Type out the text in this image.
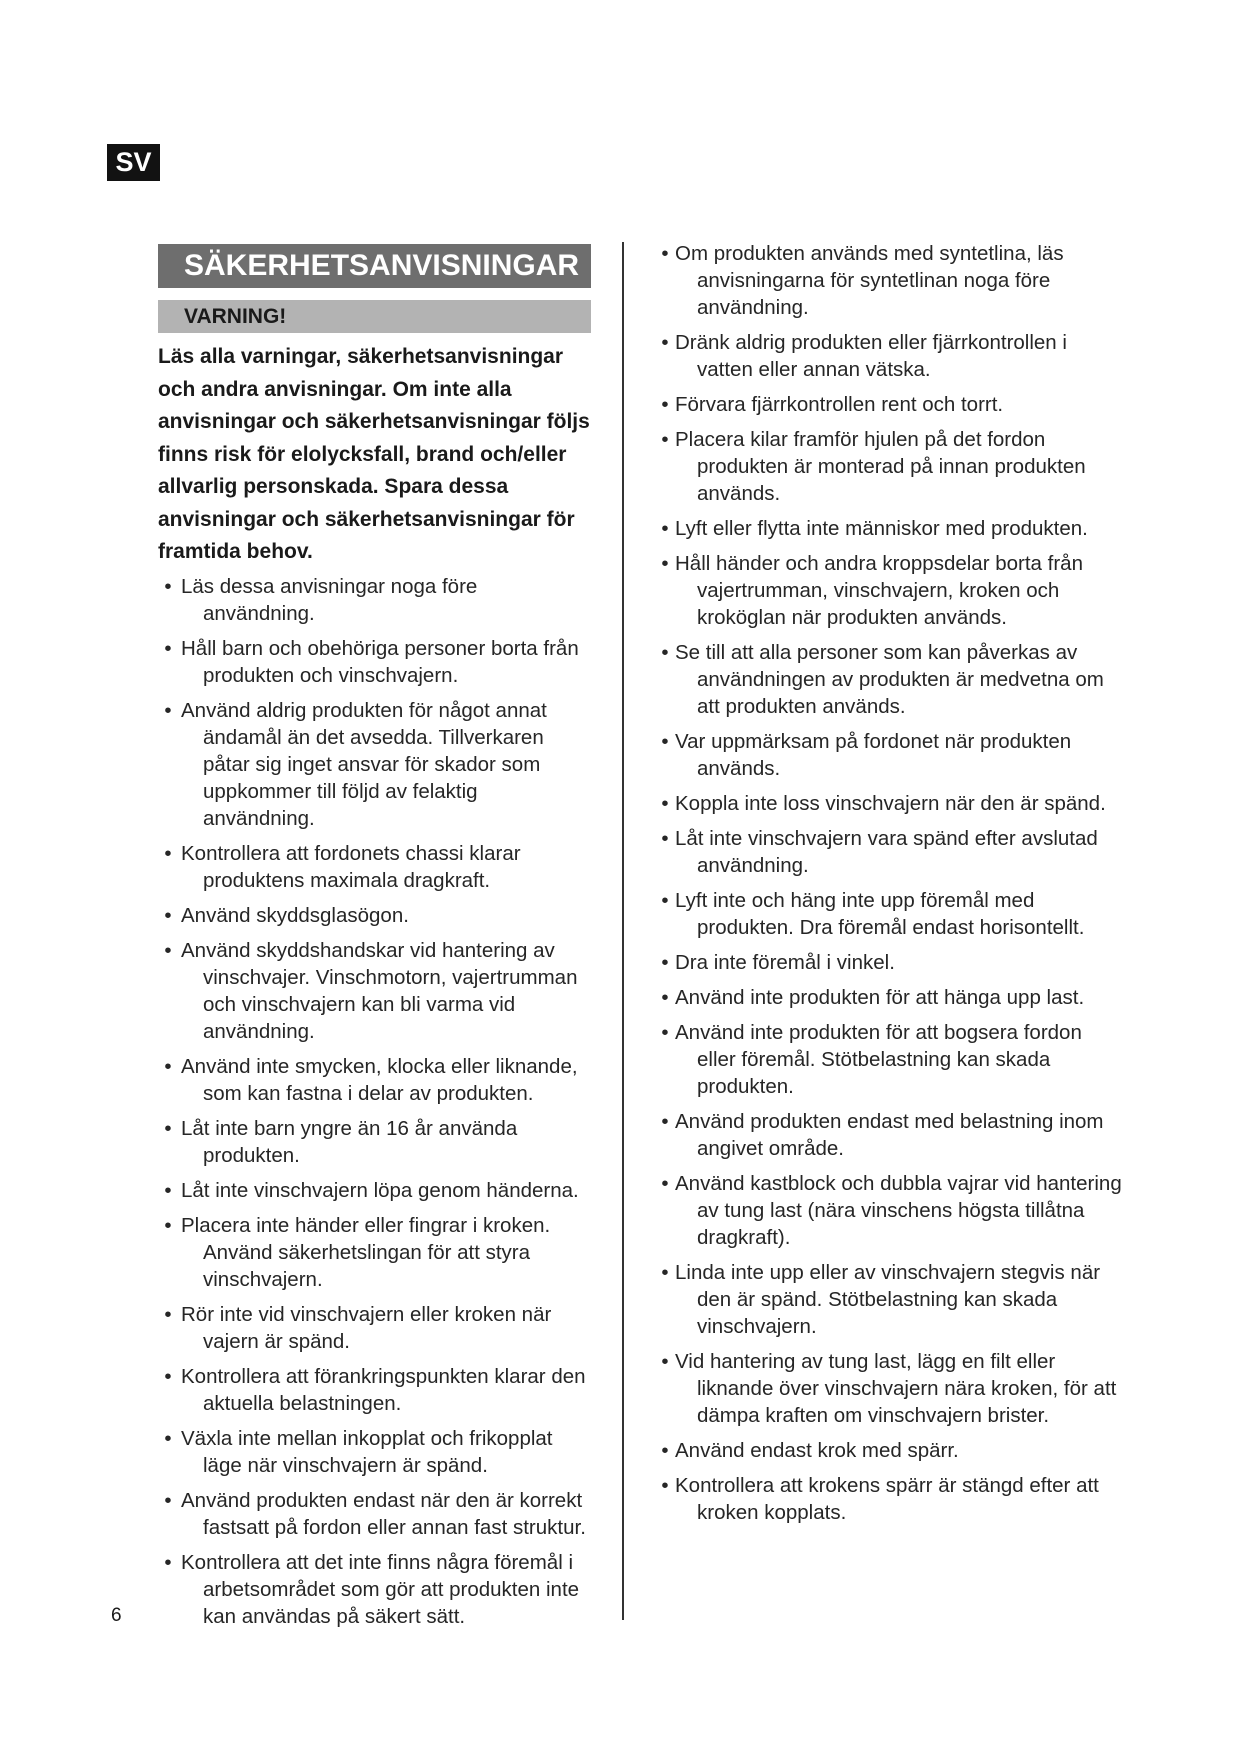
SV
SÄKERHETSANVISNINGAR
VARNING!

Läs alla varningar, säkerhetsanvisningar och andra anvisningar. Om inte alla anvisningar och säkerhetsanvisningar följs finns risk för elolycksfall, brand och/eller allvarlig personskada. Spara dessa anvisningar och säkerhetsanvisningar för framtida behov.

• Läs dessa anvisningar noga före användning.
• Håll barn och obehöriga personer borta från produkten och vinschvajern.
• Använd aldrig produkten för något annat ändamål än det avsedda. Tillverkaren påtar sig inget ansvar för skador som uppkommer till följd av felaktig användning.
• Kontrollera att fordonets chassi klarar produktens maximala dragkraft.
• Använd skyddsglasögon.
• Använd skyddshandskar vid hantering av vinschvajer. Vinschmotorn, vajertrumman och vinschvajern kan bli varma vid användning.
• Använd inte smycken, klocka eller liknande, som kan fastna i delar av produkten.
• Låt inte barn yngre än 16 år använda produkten.
• Låt inte vinschvajern löpa genom händerna.
• Placera inte händer eller fingrar i kroken. Använd säkerhetslingan för att styra vinschvajern.
• Rör inte vid vinschvajern eller kroken när vajern är spänd.
• Kontrollera att förankringspunkten klarar den aktuella belastningen.
• Växla inte mellan inkopplat och frikopplat läge när vinschvajern är spänd.
• Använd produkten endast när den är korrekt fastsatt på fordon eller annan fast struktur.
• Kontrollera att det inte finns några föremål i arbetsområdet som gör att produkten inte kan användas på säkert sätt.
• Om produkten används med syntetlina, läs anvisningarna för syntetlinan noga före användning.
• Dränk aldrig produkten eller fjärrkontrollen i vatten eller annan vätska.
• Förvara fjärrkontrollen rent och torrt.
• Placera kilar framför hjulen på det fordon produkten är monterad på innan produkten används.
• Lyft eller flytta inte människor med produkten.
• Håll händer och andra kroppsdelar borta från vajertrumman, vinschvajern, kroken och kroköglan när produkten används.
• Se till att alla personer som kan påverkas av användningen av produkten är medvetna om att produkten används.
• Var uppmärksam på fordonet när produkten används.
• Koppla inte loss vinschvajern när den är spänd.
• Låt inte vinschvajern vara spänd efter avslutad användning.
• Lyft inte och häng inte upp föremål med produkten. Dra föremål endast horisontellt.
• Dra inte föremål i vinkel.
• Använd inte produkten för att hänga upp last.
• Använd inte produkten för att bogsera fordon eller föremål. Stötbelastning kan skada produkten.
• Använd produkten endast med belastning inom angivet område.
• Använd kastblock och dubbla vajrar vid hantering av tung last (nära vinschens högsta tillåtna dragkraft).
• Linda inte upp eller av vinschvajern stegvis när den är spänd. Stötbelastning kan skada vinschvajern.
• Vid hantering av tung last, lägg en filt eller liknande över vinschvajern nära kroken, för att dämpa kraften om vinschvajern brister.
• Använd endast krok med spärr.
• Kontrollera att krokens spärr är stängd efter att kroken kopplats.
6
